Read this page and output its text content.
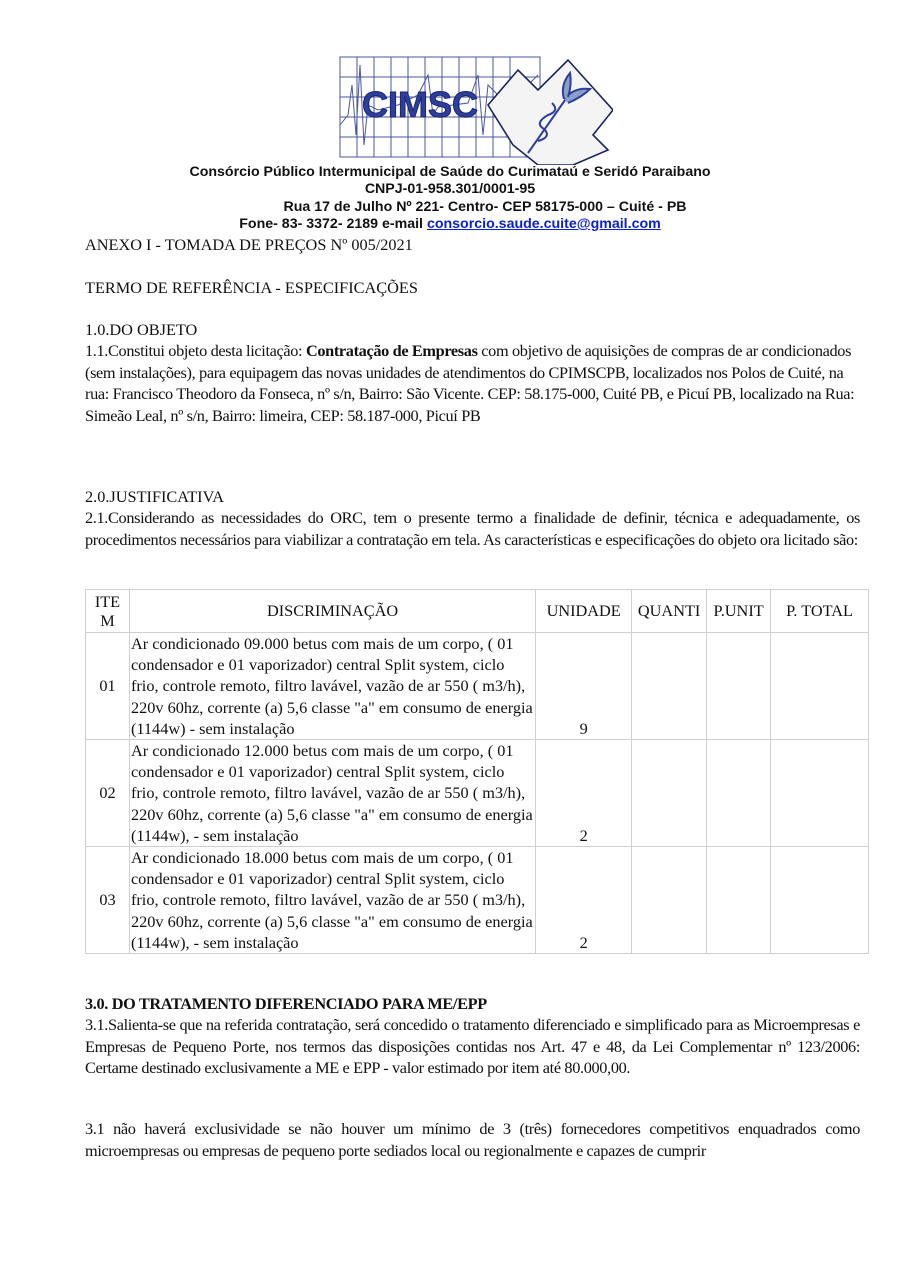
CIMSC
Consórcio Público Intermunicipal de Saúde do Curimataú e Seridó Paraibano
CNPJ-01-958.301/0001-95
Rua 17 de Julho Nº 221- Centro- CEP 58175-000 – Cuité - PB
Fone- 83- 3372- 2189 e-mail consorcio.saude.cuite@gmail.com
ANEXO I - TOMADA DE PREÇOS Nº 005/2021
TERMO DE REFERÊNCIA - ESPECIFICAÇÕES
1.0.DO OBJETO
1.1.Constitui objeto desta licitação: Contratação de Empresas com objetivo de aquisições de compras de ar condicionados (sem instalações), para equipagem das novas unidades de atendimentos do CPIMSCPB, localizados nos Polos de Cuité, na rua: Francisco Theodoro da Fonseca, nº s/n, Bairro: São Vicente. CEP: 58.175-000, Cuité PB, e Picuí PB, localizado na Rua: Simeão Leal, nº s/n, Bairro: limeira, CEP: 58.187-000, Picuí PB
2.0.JUSTIFICATIVA
2.1.Considerando as necessidades do ORC, tem o presente termo a finalidade de definir, técnica e adequadamente, os procedimentos necessários para viabilizar a contratação em tela. As características e especificações do objeto ora licitado são:
ITE M	DISCRIMINAÇÃO	UNIDADE	QUANTI	P.UNIT	P. TOTAL
01	Ar condicionado 09.000 betus com mais de um corpo, ( 01 condensador e 01 vaporizador) central Split system, ciclo frio, controle remoto, filtro lavável, vazão de ar 550 ( m3/h), 220v 60hz, corrente (a) 5,6 classe "a" em consumo de energia (1144w) - sem instalação	9			
02	Ar condicionado 12.000 betus com mais de um corpo, ( 01 condensador e 01 vaporizador) central Split system, ciclo frio, controle remoto, filtro lavável, vazão de ar 550 ( m3/h), 220v 60hz, corrente (a) 5,6 classe "a" em consumo de energia (1144w), - sem instalação	2			
03	Ar condicionado 18.000 betus com mais de um corpo, ( 01 condensador e 01 vaporizador) central Split system, ciclo frio, controle remoto, filtro lavável, vazão de ar 550 ( m3/h), 220v 60hz, corrente (a) 5,6 classe "a" em consumo de energia (1144w), - sem instalação	2			
3.0. DO TRATAMENTO DIFERENCIADO PARA ME/EPP
3.1.Salienta-se que na referida contratação, será concedido o tratamento diferenciado e simplificado para as Microempresas e Empresas de Pequeno Porte, nos termos das disposições contidas nos Art. 47 e 48, da Lei Complementar nº 123/2006: Certame destinado exclusivamente a ME e EPP - valor estimado por item até 80.000,00.
3.1 não haverá exclusividade se não houver um mínimo de 3 (três) fornecedores competitivos enquadrados como microempresas ou empresas de pequeno porte sediados local ou regionalmente e capazes de cumprir
